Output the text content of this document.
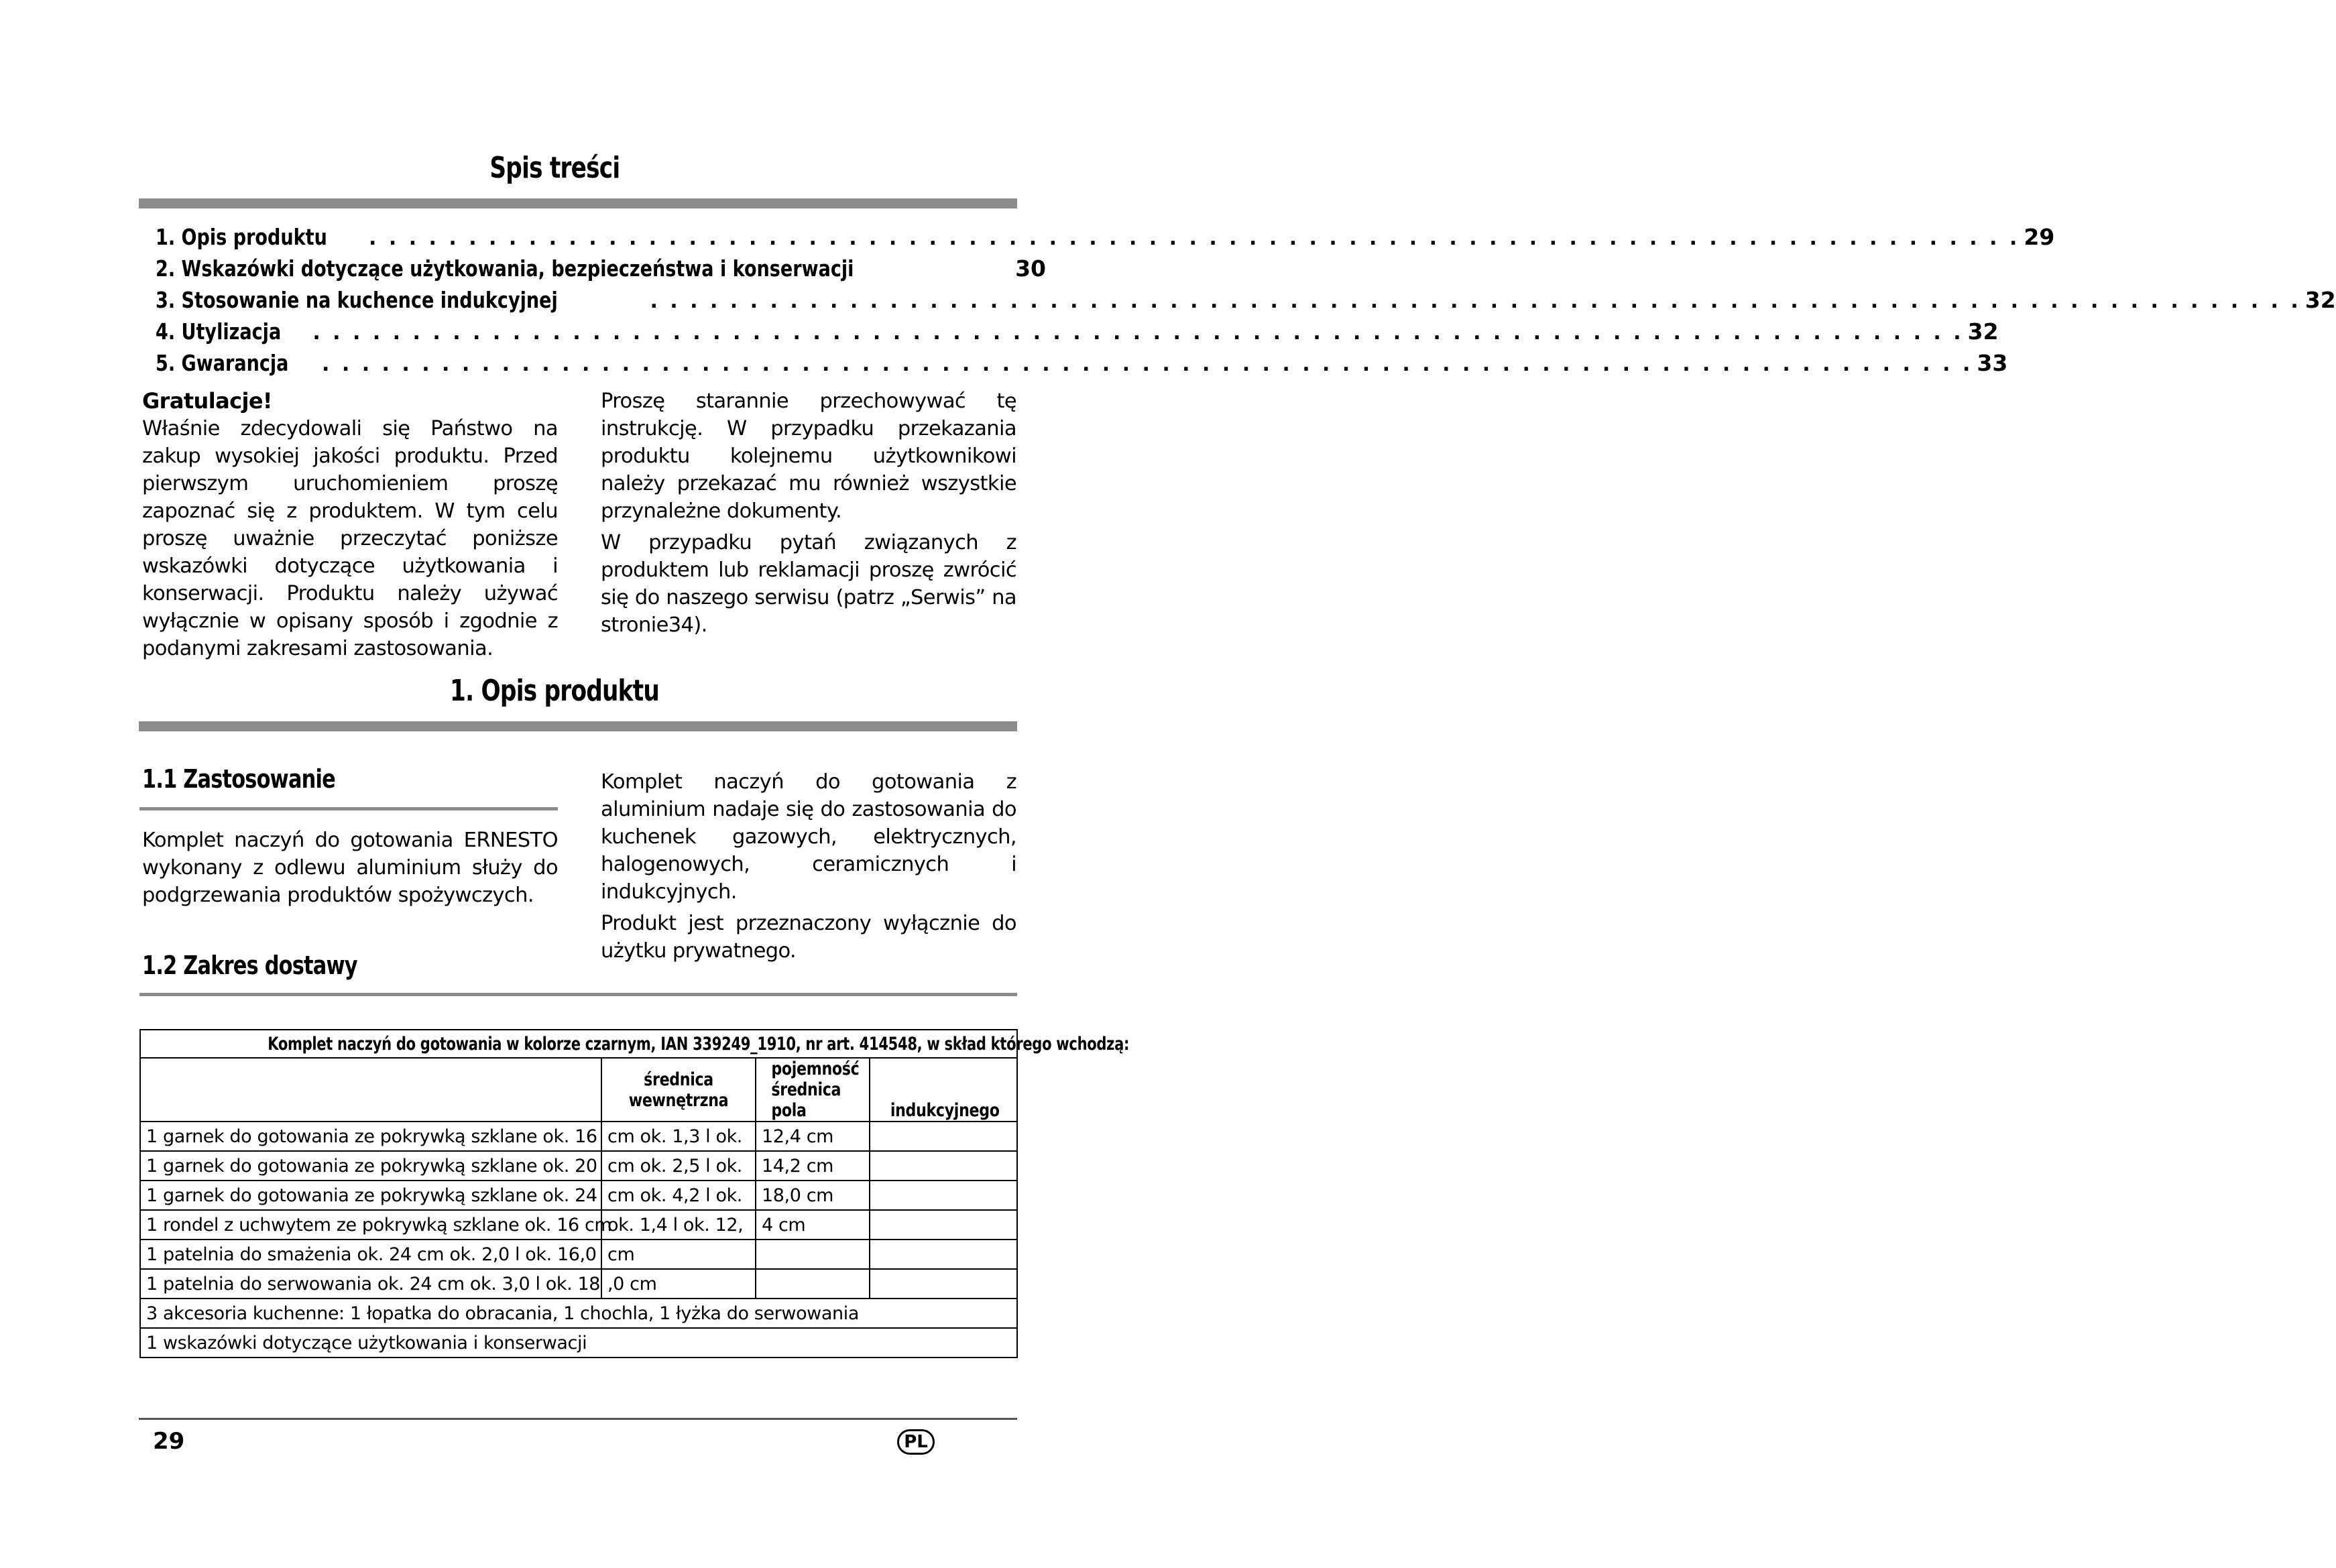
Spis treści
1. Opis produktu . . . . . . . . . . . . . . . . . . . . . . . . . . . . . . . . . . . . . . . . . . . . . . . . . . . . . . . . . . . . . . . . . . . . . . . . . . . . . . . . . . . 29
2. Wskazówki dotyczące użytkowania, bezpieczeństwa i konserwacji	30
3. Stosowanie na kuchence indukcyjnej	. . . . . . . . . . . . . . . . . . . . . . . . . . . . . . . . . . . . . . . . . . . . . . . . . . . . . . . . . . . . . . . . . . . . . . . . . . . . . . . . . . . 32
4. Utylizacja . . . . . . . . . . . . . . . . . . . . . . . . . . . . . . . . . . . . . . . . . . . . . . . . . . . . . . . . . . . . . . . . . . . . . . . . . . . . . . . . . . . 32
5. Gwarancja . . . . . . . . . . . . . . . . . . . . . . . . . . . . . . . . . . . . . . . . . . . . . . . . . . . . . . . . . . . . . . . . . . . . . . . . . . . . . . . . . . . 33
Gratulacje!

Właśnie zdecydowali się Państwo na zakup wysokiej jakości produktu. Przed pierwszym uruchomieniem proszę zapoznać się z produktem. W tym celu proszę uważnie przeczytać poniższe wskazówki dotyczące użytkowania i konserwacji. Produktu należy używać wyłącznie w opisany sposób i zgodnie z podanymi zakresami zastosowania.

Proszę starannie przechowywać tę instrukcję. W przypadku przekazania produktu kolejnemu użytkownikowi należy przekazać mu również wszystkie przynależne dokumenty.

W przypadku pytań związanych z produktem lub reklamacji proszę zwrócić się do naszego serwisu (patrz „Serwis” na stronie34).

1. Opis produktu
1.1 Zastosowanie

Komplet naczyń do gotowania ERNESTO wykonany z odlewu aluminium służy do podgrzewania produktów spożywczych.

Komplet naczyń do gotowania z aluminium nadaje się do zastosowania do kuchenek gazowych, elektrycznych, halogenowych, ceramicznych i indukcyjnych.

Produkt jest przeznaczony wyłącznie do użytku prywatnego.

1.2 Zakres dostawy
Komplet naczyń do gotowania w kolorze czarnym, IAN 339249_1910, nr art. 414548, w skład którego wchodzą:			
	średnica wewnętrzna	pojemność średnica pola	indukcyjnego
1 garnek do gotowania ze pokrywką szklane ok. 16	cm ok. 1,3 l ok.	12,4 cm	
1 garnek do gotowania ze pokrywką szklane ok. 20	cm ok. 2,5 l ok.	14,2 cm	
1 garnek do gotowania ze pokrywką szklane ok. 24	cm ok. 4,2 l ok.	18,0 cm	
1 rondel z uchwytem ze pokrywką szklane ok. 16 cm	ok. 1,4 l ok. 12,	4 cm	
1 patelnia do smażenia ok. 24 cm ok. 2,0 l ok. 16,0	cm		
1 patelnia do serwowania ok. 24 cm ok. 3,0 l ok. 18	,0 cm		
3 akcesoria kuchenne: 1 łopatka do obracania, 1 chochla, 1 łyżka do serwowania			
1 wskazówki dotyczące użytkowania i konserwacji			
29	PL
